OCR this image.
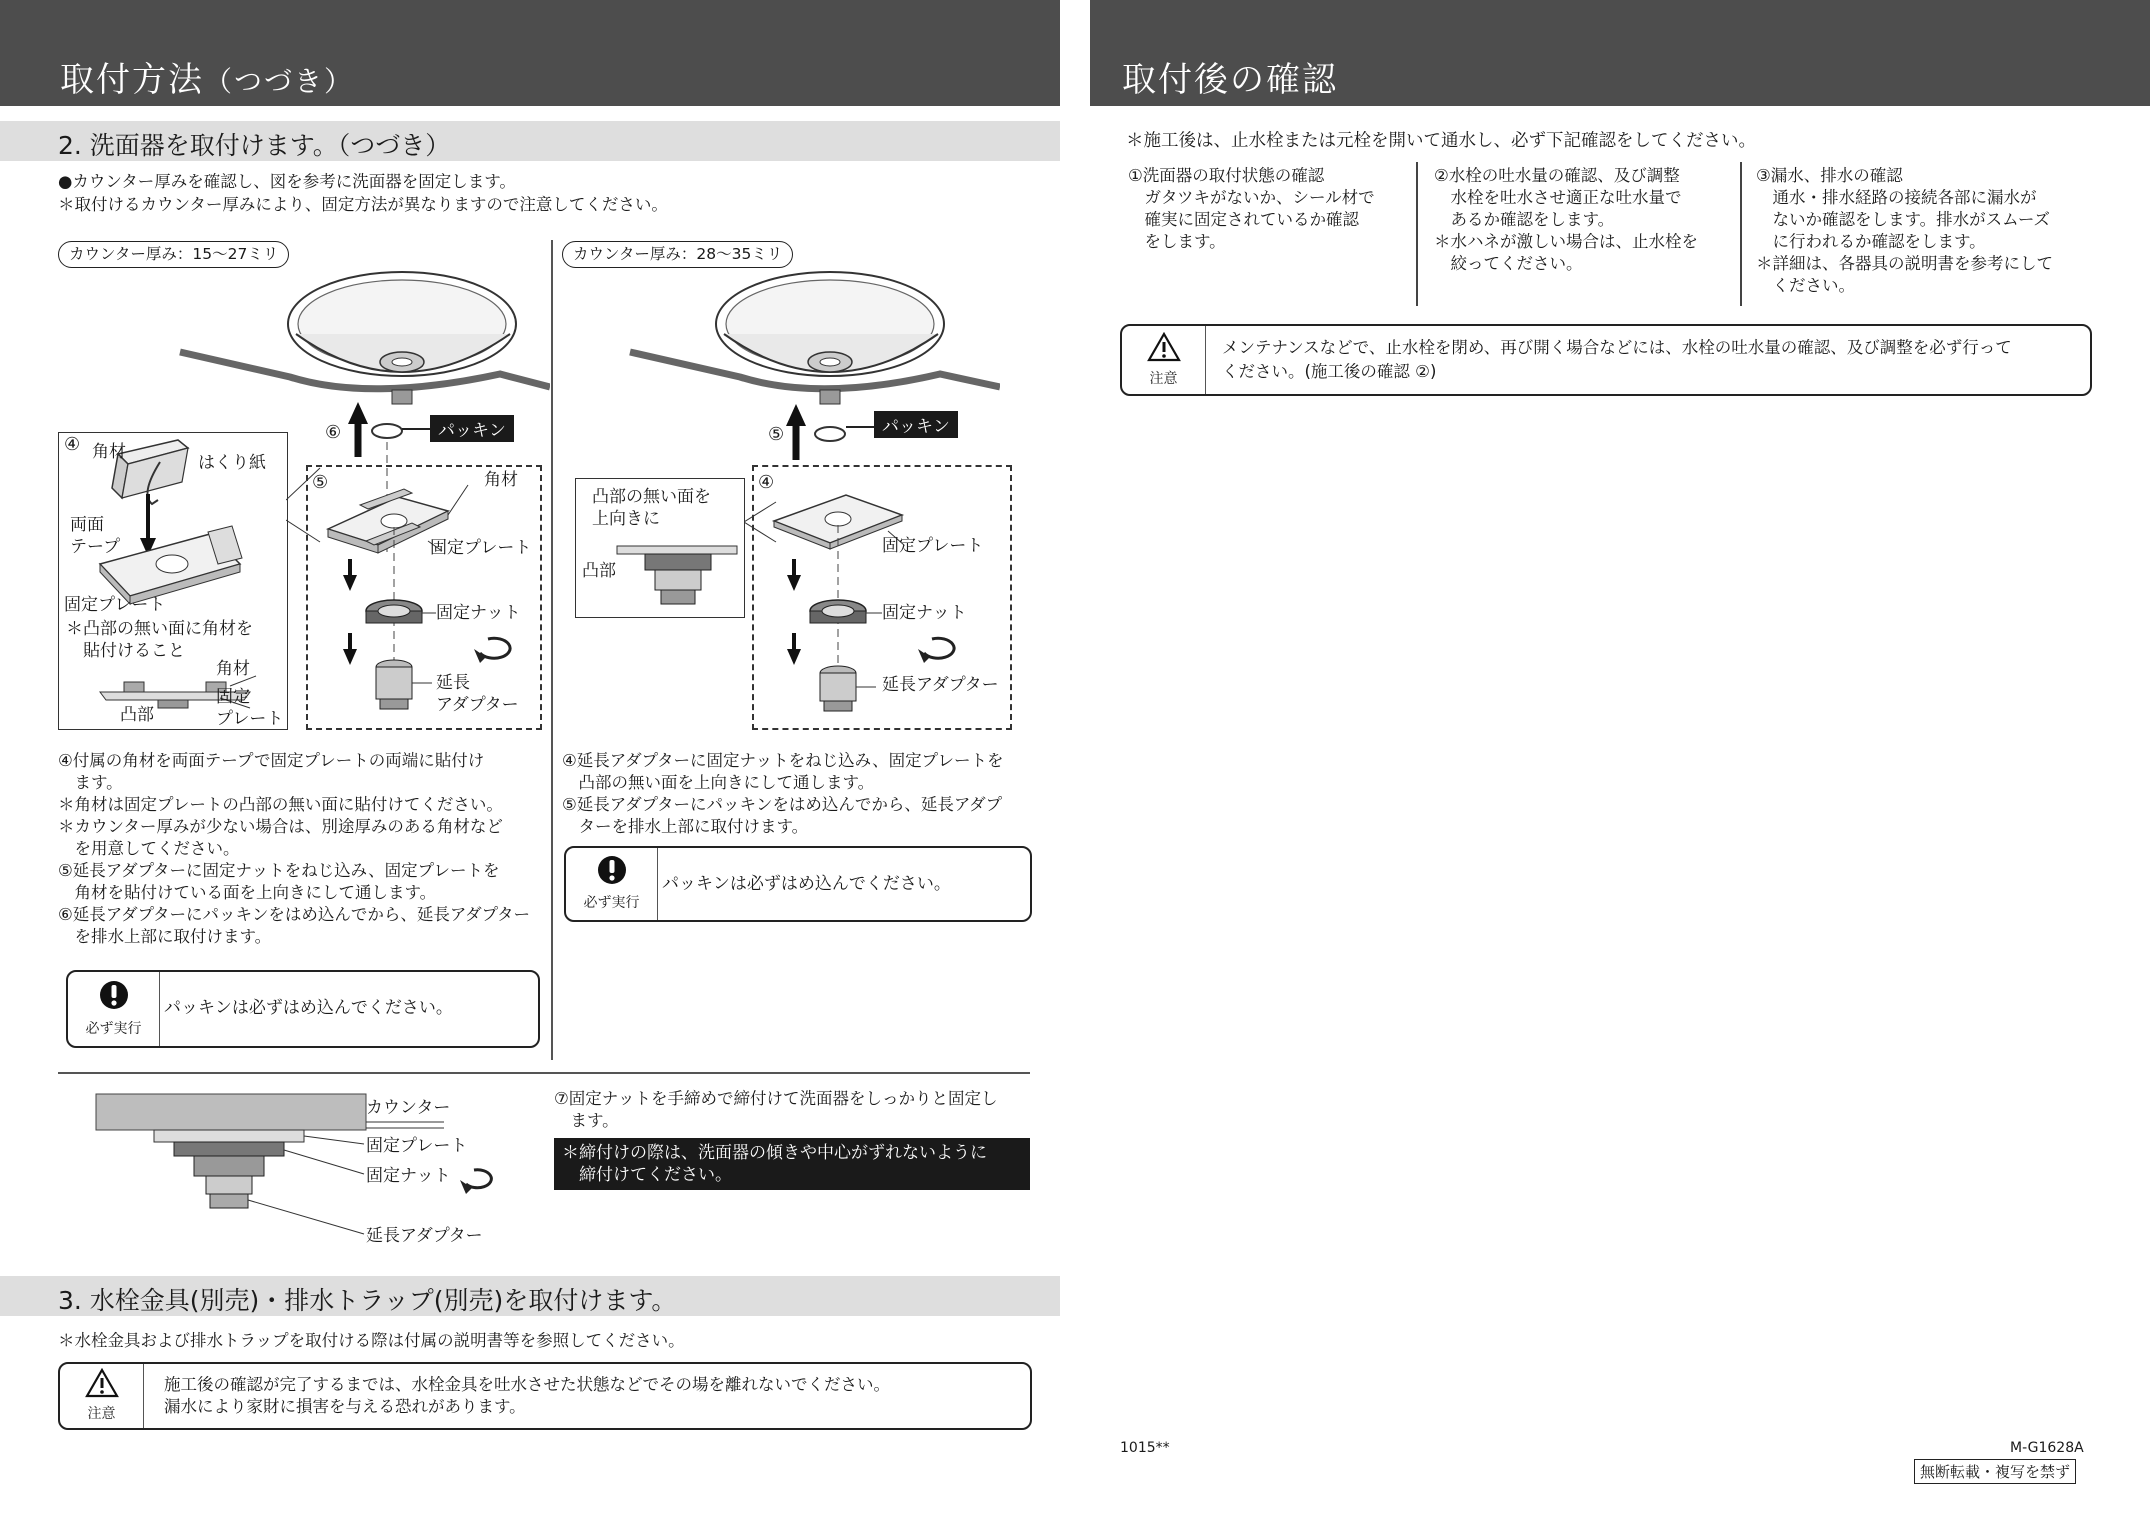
取付方法（つづき）	取付後の確認
2. 洗面器を取付けます。（つづき）
●カウンター厚みを確認し、図を参考に洗面器を固定します。
＊取付けるカウンター厚みにより、固定方法が異なりますので注意してください。
カウンター厚み：15〜27ミリ
⑥	パッキン
④ 角材
はくり紙
両面
テープ
固定プレート
＊凸部の無い面に角材を
　貼付けること
角材
固定
プレート
凸部
⑤	角材
固定プレート
固定ナット
延長
アダプター
④付属の角材を両面テープで固定プレートの両端に貼付け
　ます。
＊角材は固定プレートの凸部の無い面に貼付けてください。
＊カウンター厚みが少ない場合は、別途厚みのある角材など
　を用意してください。
⑤延長アダプターに固定ナットをねじ込み、固定プレートを
　角材を貼付けている面を上向きにして通します。
⑥延長アダプターにパッキンをはめ込んでから、延長アダプター
　を排水上部に取付けます。
必ず実行
パッキンは必ずはめ込んでください。
カウンター厚み：28〜35ミリ
⑤	パッキン
凸部の無い面を
上向きに
凸部
④
固定プレート
固定ナット
延長アダプター
④延長アダプターに固定ナットをねじ込み、固定プレートを
　凸部の無い面を上向きにして通します。
⑤延長アダプターにパッキンをはめ込んでから、延長アダプ
　ターを排水上部に取付けます。
必ず実行
パッキンは必ずはめ込んでください。
カウンター
固定プレート
固定ナット
延長アダプター
⑦固定ナットを手締めで締付けて洗面器をしっかりと固定し
　ます。
＊締付けの際は、洗面器の傾きや中心がずれないように
　締付けてください。
3. 水栓金具(別売)・排水トラップ(別売)を取付けます。
＊水栓金具および排水トラップを取付ける際は付属の説明書等を参照してください。
注意
施工後の確認が完了するまでは、水栓金具を吐水させた状態などでその場を離れないでください。
漏水により家財に損害を与える恐れがあります。
＊施工後は、止水栓または元栓を開いて通水し、必ず下記確認をしてください。
①洗面器の取付状態の確認
　ガタツキがないか、シール材で
　確実に固定されているか確認
　をします。
②水栓の吐水量の確認、及び調整
　水栓を吐水させ適正な吐水量で
　あるか確認をします。
＊水ハネが激しい場合は、止水栓を
　絞ってください。
③漏水、排水の確認
　通水・排水経路の接続各部に漏水が
　ないか確認をします。排水がスムーズ
　に行われるか確認をします。
＊詳細は、各器具の説明書を参考にして
　ください。
注意
メンテナンスなどで、止水栓を閉め、再び開く場合などには、水栓の吐水量の確認、及び調整を必ず行って
ください。(施工後の確認 ②)
1015**	M-G1628A
無断転載・複写を禁ず
